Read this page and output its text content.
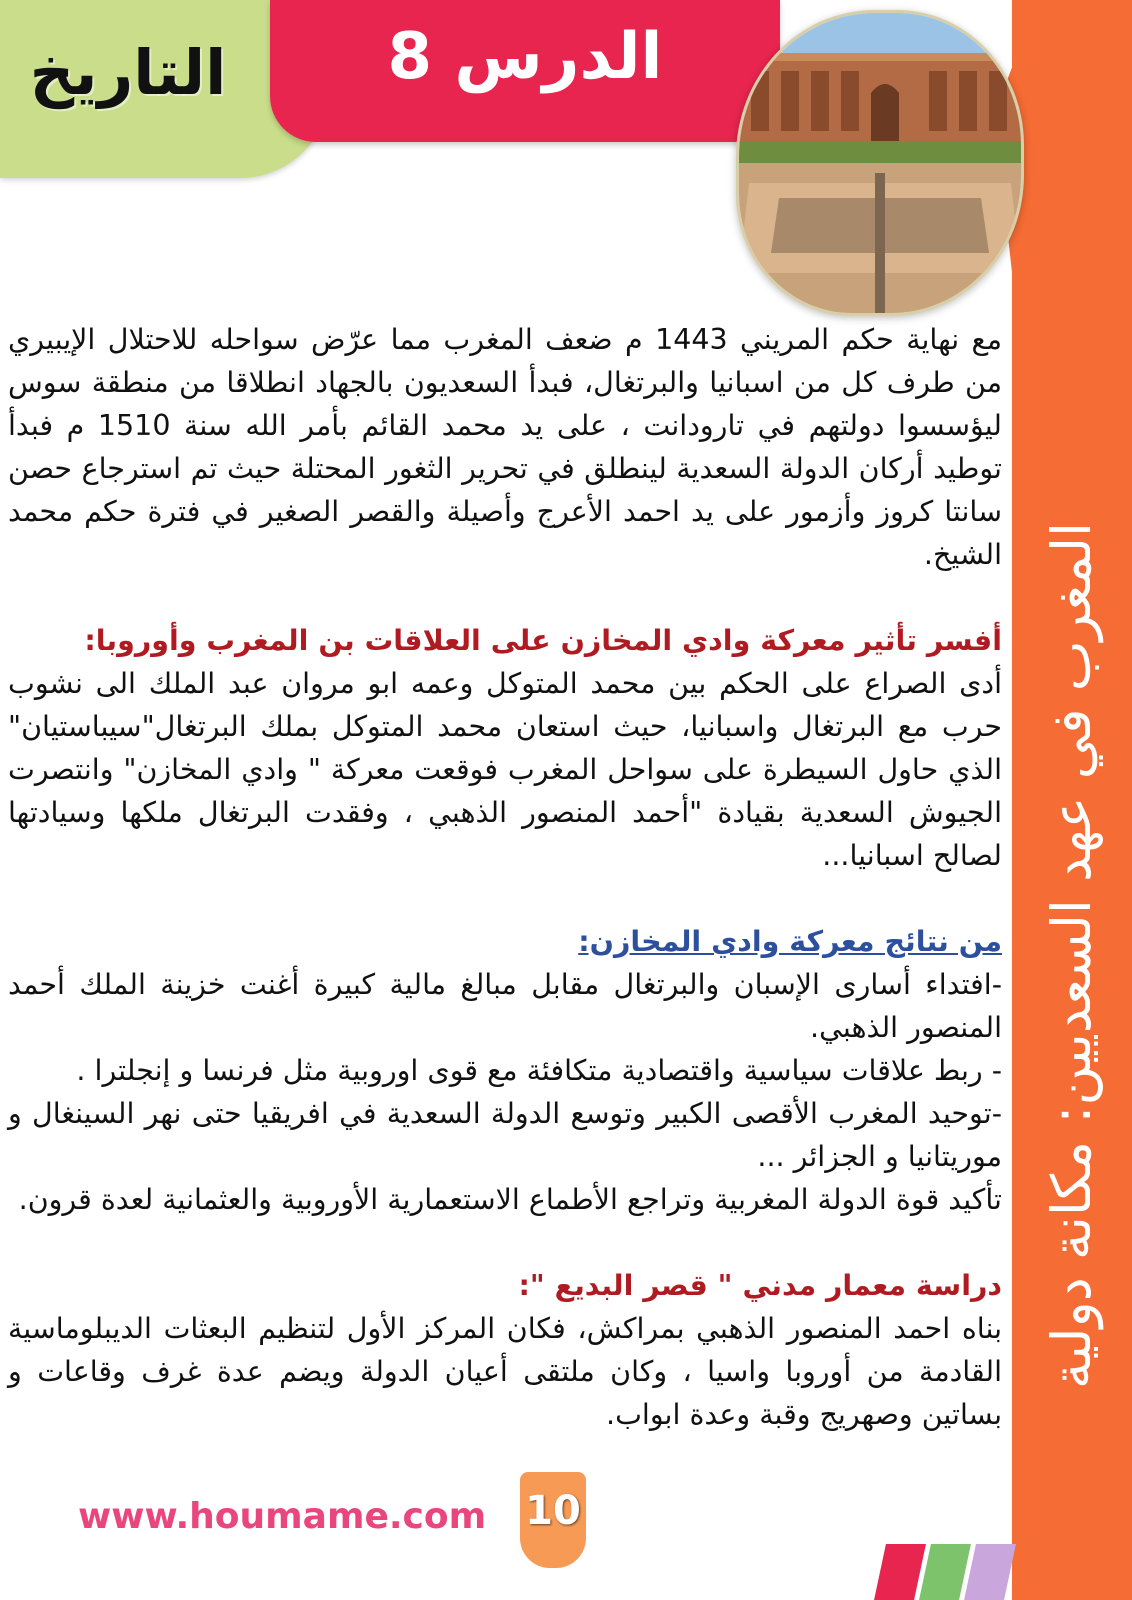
المغرب في عهد السعديين: مكانة دولية
التاريخ	الدرس 8

مع نهاية حكم المريني 1443 م ضعف المغرب مما عرّض سواحله للاحتلال الإيبيري من طرف كل من اسبانيا والبرتغال، فبدأ السعديون بالجهاد انطلاقا من منطقة سوس ليؤسسوا دولتهم في تارودانت ، على يد محمد القائم بأمر الله سنة 1510 م فبدأ توطيد أركان الدولة السعدية لينطلق في تحرير الثغور المحتلة حيث تم استرجاع حصن سانتا كروز وأزمور على يد احمد الأعرج وأصيلة والقصر الصغير في فترة حكم محمد الشيخ.

أفسر تأثير معركة وادي المخازن على العلاقات بن المغرب وأوروبا:

أدى الصراع على الحكم بين محمد المتوكل وعمه ابو مروان عبد الملك الى نشوب حرب مع البرتغال واسبانيا، حيث استعان محمد المتوكل بملك البرتغال"سيباستيان" الذي حاول السيطرة على سواحل المغرب فوقعت معركة " وادي المخازن" وانتصرت الجيوش السعدية بقيادة "أحمد المنصور الذهبي ، وفقدت البرتغال ملكها وسيادتها لصالح اسبانيا...

من نتائج معركة وادي المخازن:

-افتداء أسارى الإسبان والبرتغال مقابل مبالغ مالية كبيرة أغنت خزينة الملك أحمد المنصور الذهبي.

- ربط علاقات سياسية واقتصادية متكافئة مع قوى اوروبية مثل فرنسا و إنجلترا .

-توحيد المغرب الأقصى الكبير وتوسع الدولة السعدية في افريقيا حتى نهر السينغال و موريتانيا و الجزائر ...

تأكيد قوة الدولة المغربية وتراجع الأطماع الاستعمارية الأوروبية والعثمانية لعدة قرون.

دراسة معمار مدني " قصر البديع ":

بناه احمد المنصور الذهبي بمراكش، فكان المركز الأول لتنظيم البعثات الديبلوماسية القادمة من أوروبا واسيا ، وكان ملتقى أعيان الدولة ويضم عدة غرف وقاعات و بساتين وصهريج وقبة وعدة ابواب.

www.houmame.com 10
